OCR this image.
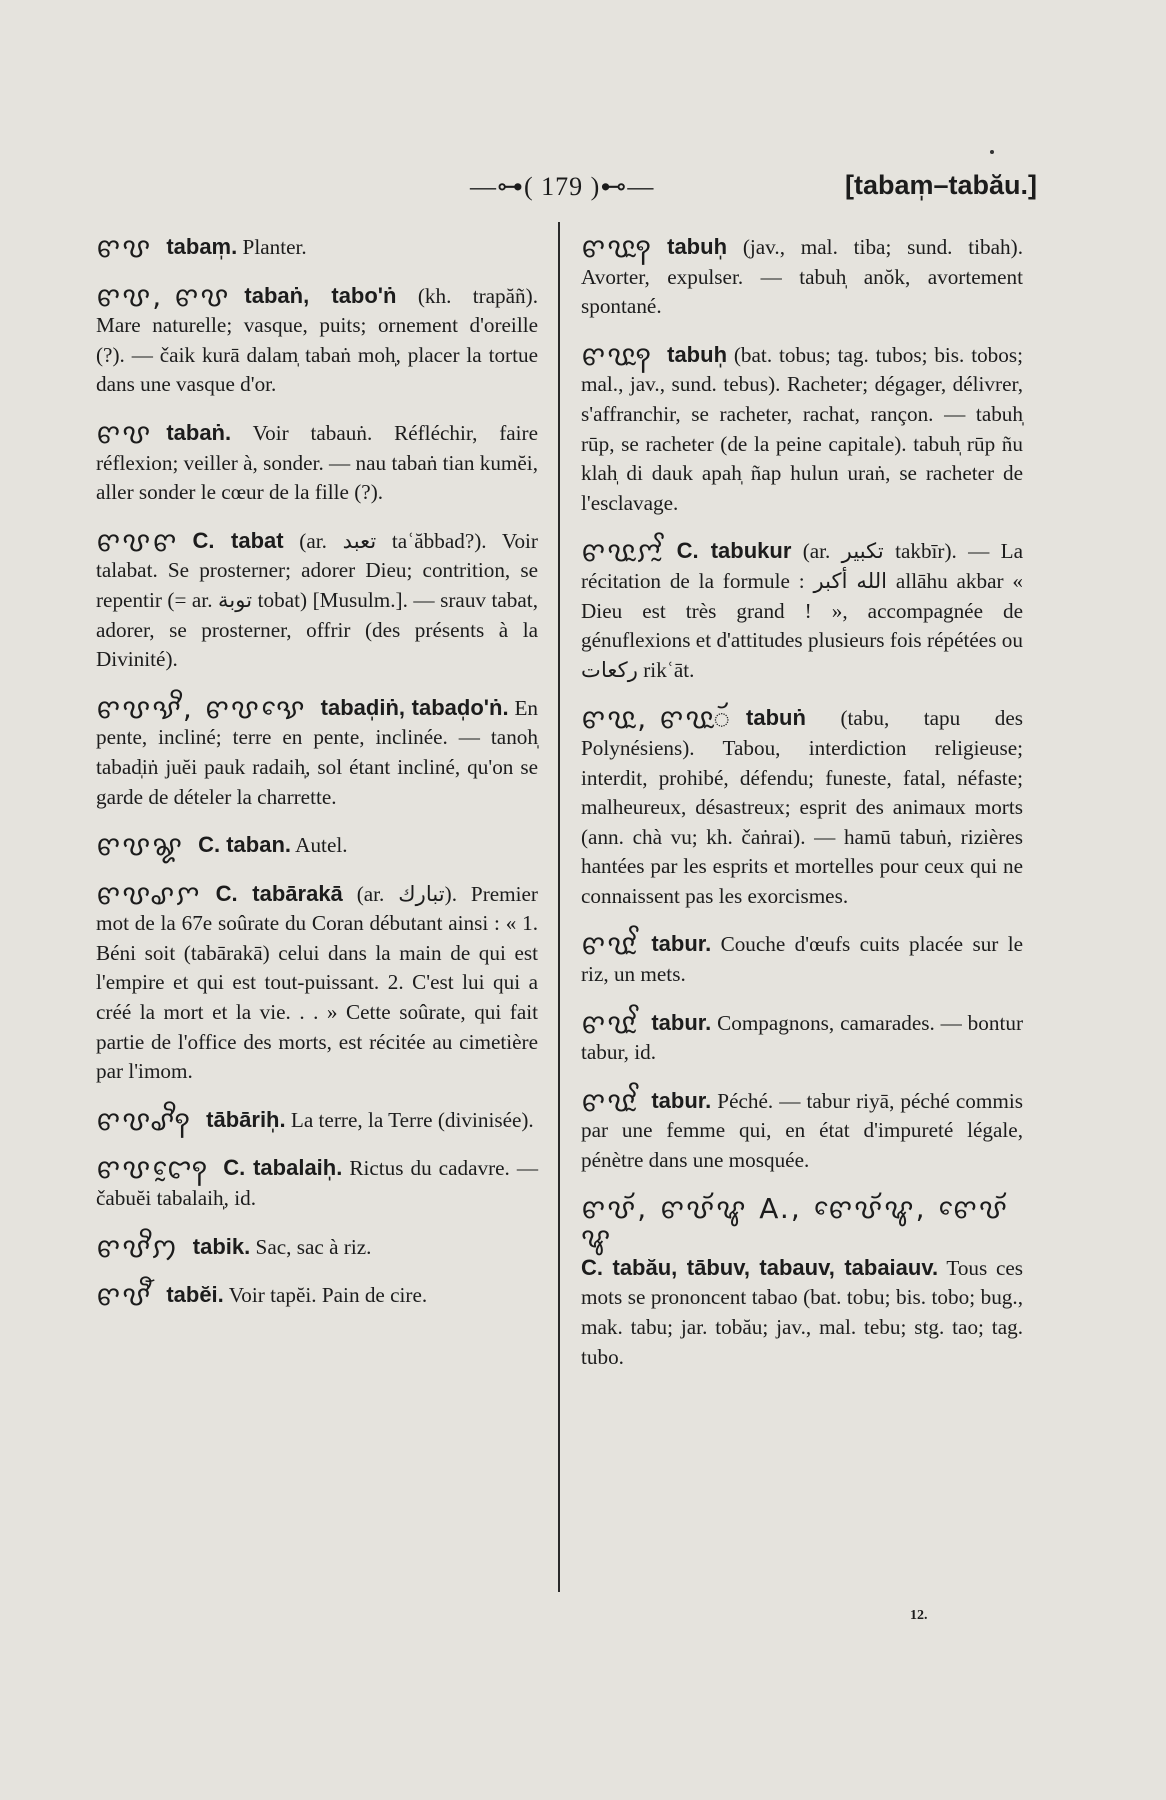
—⊶( 179 )⊷—	[tabam̩–tabău.]

ꨓꨝ tabam̩. Planter.

ꨓꨝ, ꨓꨝ tabaṅ, tabo'ṅ (kh. trapăñ). Mare naturelle; vasque, puits; ornement d'oreille (?). — čaik kurā dalam̩ tabaṅ moh̩, placer la tortue dans une vasque d'or.

ꨓꨝ tabaṅ. Voir tabauṅ. Réfléchir, faire réflexion; veiller à, sonder. — nau tabaṅ tian kumĕi, aller sonder le cœur de la fille (?).

ꨓꨝꨓ C. tabat (ar. تعبد taʿăbbad?). Voir talabat. Se prosterner; adorer Dieu; contrition, se repentir (= ar. توبة tobat) [Musulm.]. — srauv tabat, adorer, se prosterner, offrir (des présents à la Divinité).

ꨓꨝꨕꨪ, ꨓꨝꨕꨯ tabad̩iṅ, tabad̩o'ṅ. En pente, incliné; terre en pente, inclinée. — tanoh̩ tabad̩iṅ juĕi pauk radaih̩, sol étant incliné, qu'on se garde de dételer la charrette.

ꨓꨝꨘ C. taban. Autel.

ꨓꨝꨣꨆ C. tabārakā (ar. تبارك). Premier mot de la 67e soûrate du Coran débutant ainsi : « 1. Béni soit (tabārakā) celui dans la main de qui est l'empire et qui est tout-puissant. 2. C'est lui qui a créé la mort et la vie. . . » Cette soûrate, qui fait partie de l'office des morts, est récitée au cimetière par l'imom.

ꨓꨝꨣꨪꩍ tābārih̩. La terre, la Terre (divinisée).

ꨓꨝꨤꨰꩍ C. tabalaih̩. Rictus du cadavre. — čabuĕi tabalaih̩, id.

ꨓꨝꨪꩀ tabik. Sac, sac à riz.

ꨓꨝꨬ tabĕi. Voir tapĕi. Pain de cire.

ꨓꨝꨭꩍ tabuh̩ (jav., mal. tiba; sund. tibah). Avorter, expulser. — tabuh̩ anŏk, avortement spontané.

ꨓꨝꨭꩍ tabuh̩ (bat. tobus; tag. tubos; bis. tobos; mal., jav., sund. tebus). Racheter; dégager, délivrer, s'affranchir, se racheter, rachat, rançon. — tabuh̩ rūp, se racheter (de la peine capitale). tabuh̩ rūp ñu klah̩ di dauk apah̩ ñap hulun uraṅ, se racheter de l'esclavage.

ꨓꨝꨭꨆꨭꨩ C. tabukur (ar. تكبير takbīr). — La récitation de la formule : الله أكبر allāhu akbar « Dieu est très grand ! », accompagnée de génuflexions et d'attitudes plusieurs fois répétées ou ركعات rikʿāt.

ꨓꨝꨭ, ꨓꨝꨭꨮ tabuṅ (tabu, tapu des Polynésiens). Tabou, interdiction religieuse; interdit, prohibé, défendu; funeste, fatal, néfaste; malheureux, désastreux; esprit des animaux morts (ann. chà vu; kh. čaṅrai). — hamū tabuṅ, rizières hantées par les esprits et mortelles pour ceux qui ne connaissent pas les exorcismes.

ꨓꨝꨭꨩ tabur. Couche d'œufs cuits placée sur le riz, un mets.

ꨓꨝꨭꨩ tabur. Compagnons, camarades. — bontur tabur, id.

ꨓꨝꨭꨩ tabur. Péché. — tabur riyā, péché commis par une femme qui, en état d'impureté légale, pénètre dans une mosquée.

ꨓꨝꨮ, ꨓꨝꨮꨥ A., ꨓꨯꨝꨮꨥ, ꨓꨯꨝꨮꨥC. tabău, tābuv, tabauv, tabaiauv. Tous ces mots se prononcent tabao (bat. tobu; bis. tobo; bug., mak. tabu; jar. tobău; jav., mal. tebu; stg. tao; tag. tubo.

12.
